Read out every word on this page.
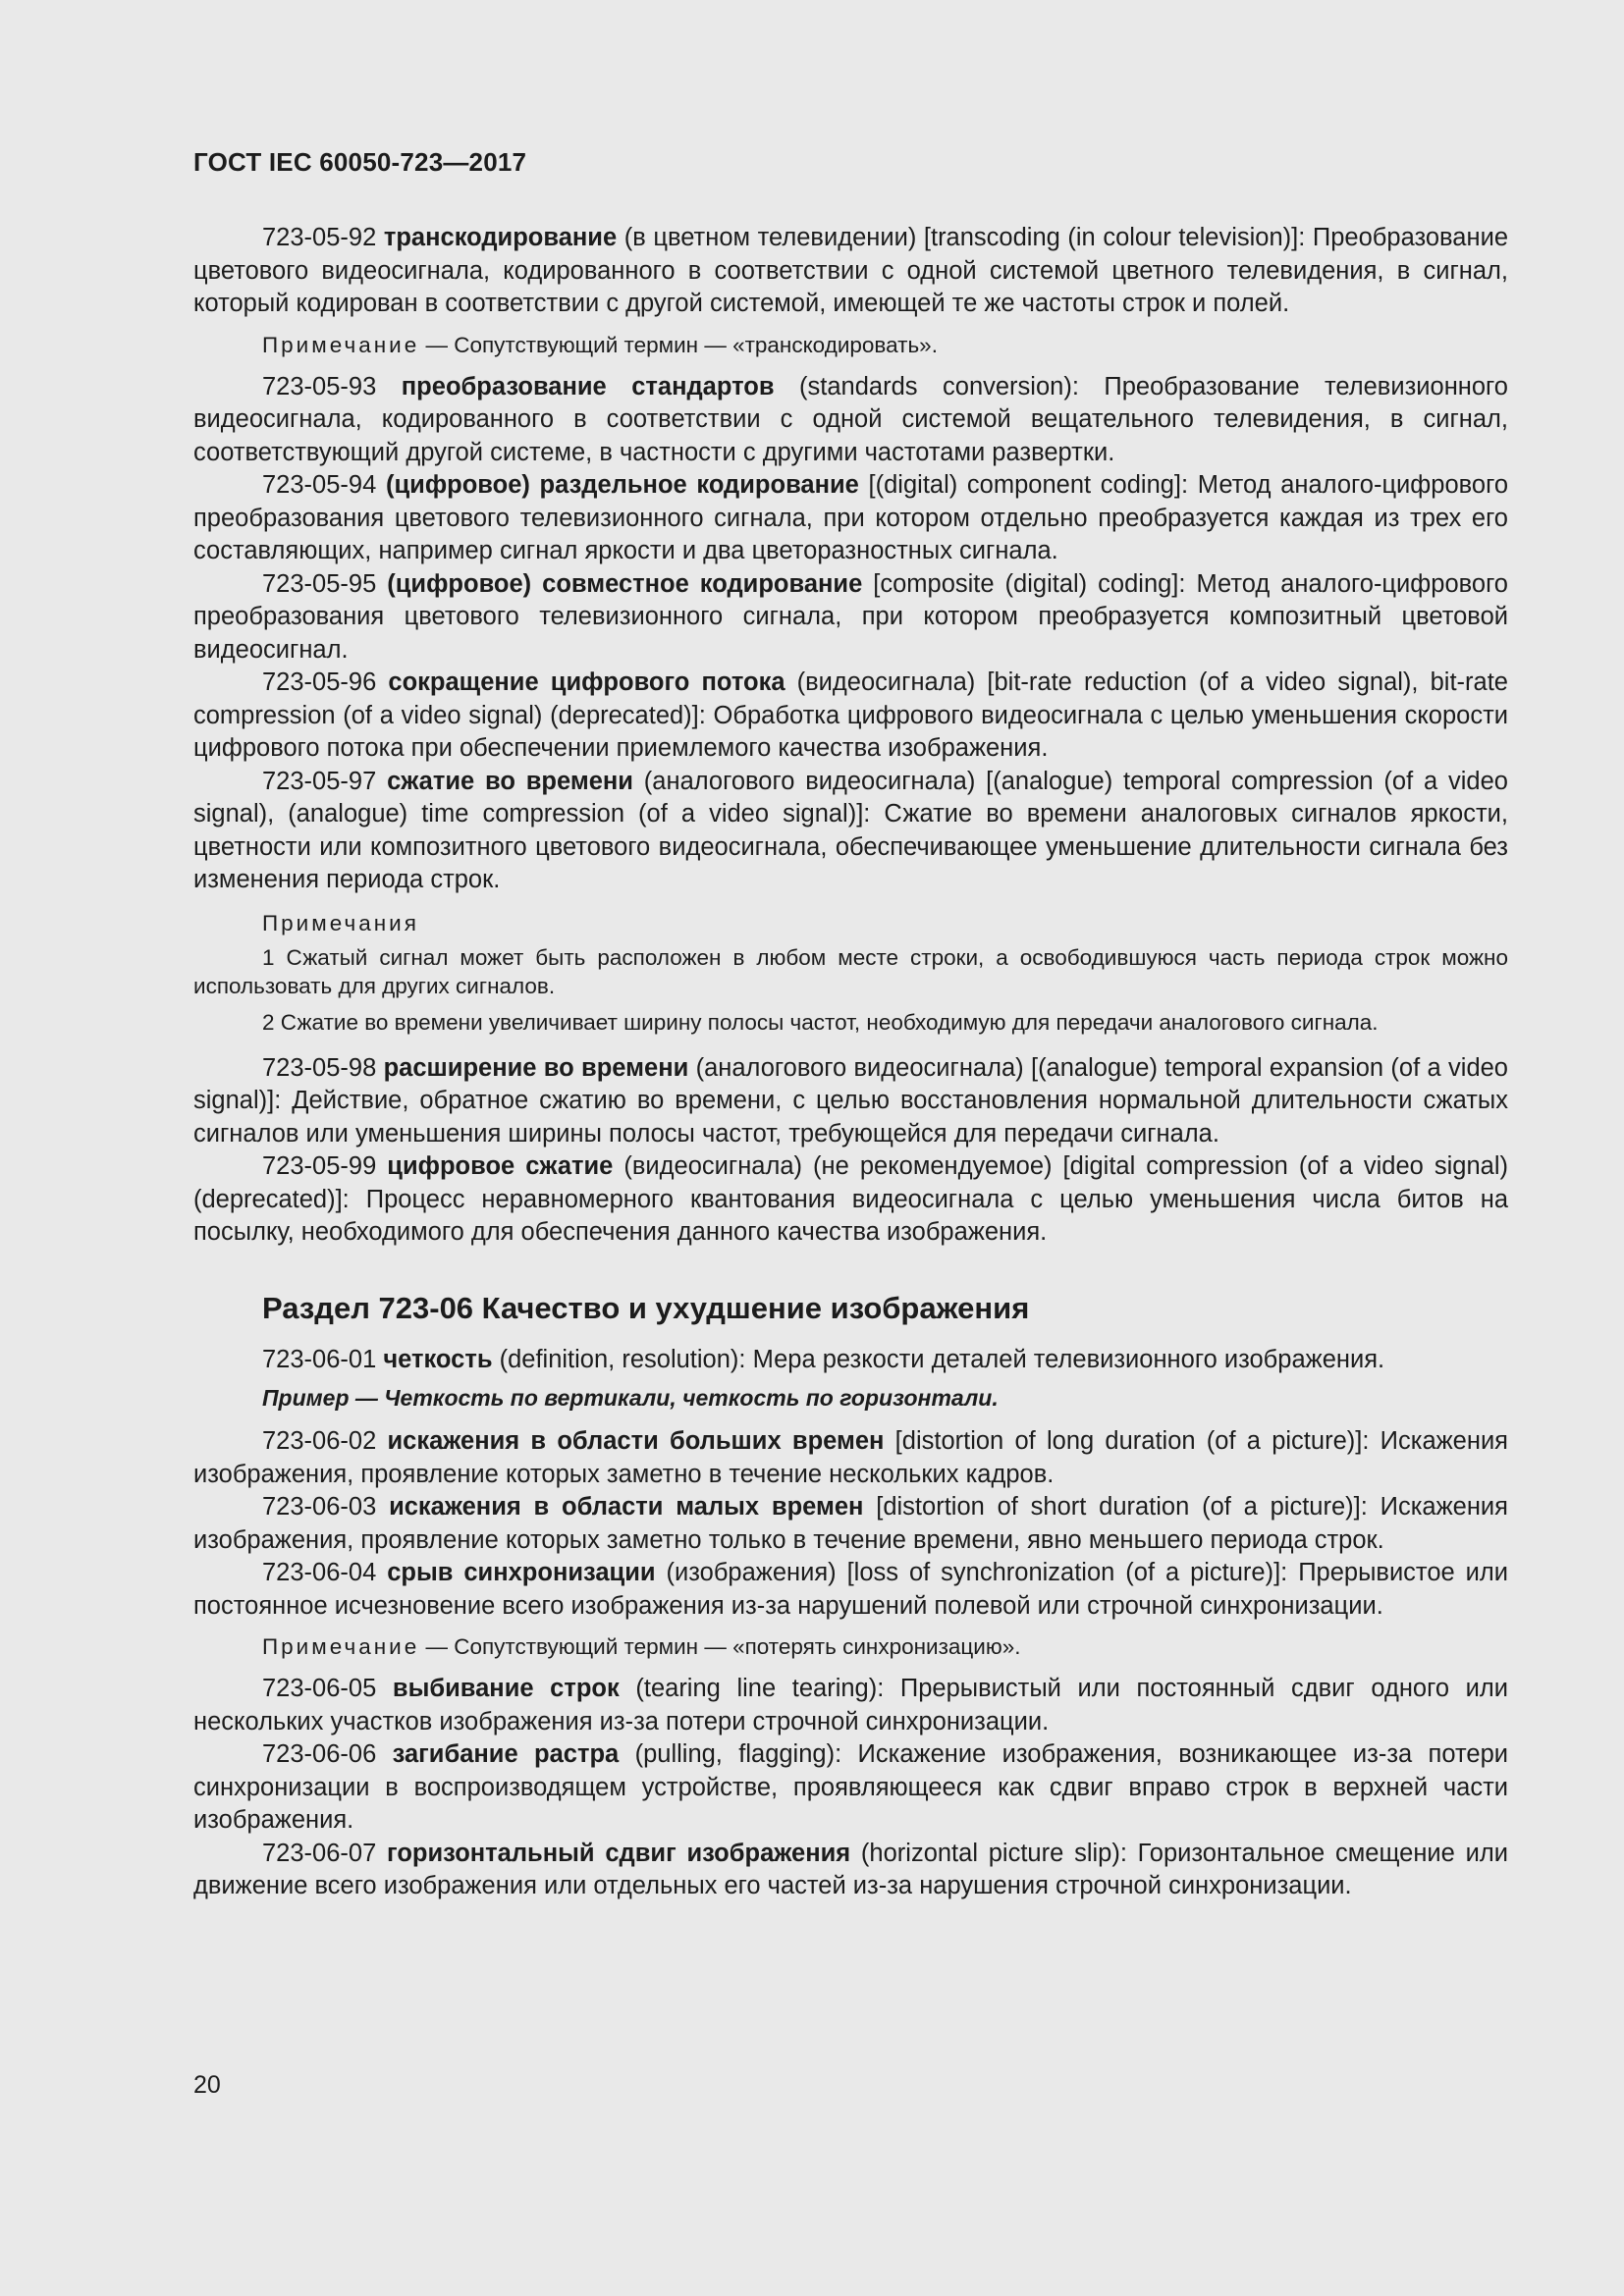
ГОСТ IEC 60050-723—2017

723-05-92 транскодирование (в цветном телевидении) [transcoding (in colour television)]: Преобразование цветового видеосигнала, кодированного в соответствии с одной системой цветного телевидения, в сигнал, который кодирован в соответствии с другой системой, имеющей те же частоты строк и полей.

Примечание — Сопутствующий термин — «транскодировать».

723-05-93 преобразование стандартов (standards conversion): Преобразование телевизионного видеосигнала, кодированного в соответствии с одной системой вещательного телевидения, в сигнал, соответствующий другой системе, в частности с другими частотами развертки.

723-05-94 (цифровое) раздельное кодирование [(digital) component coding]: Метод аналого-цифрового преобразования цветового телевизионного сигнала, при котором отдельно преобразуется каждая из трех его составляющих, например сигнал яркости и два цветоразностных сигнала.

723-05-95 (цифровое) совместное кодирование [composite (digital) coding]: Метод аналого-цифрового преобразования цветового телевизионного сигнала, при котором преобразуется композитный цветовой видеосигнал.

723-05-96 сокращение цифрового потока (видеосигнала) [bit-rate reduction (of a video signal), bit-rate compression (of a video signal) (deprecated)]: Обработка цифрового видеосигнала с целью уменьшения скорости цифрового потока при обеспечении приемлемого качества изображения.

723-05-97 сжатие во времени (аналогового видеосигнала) [(analogue) temporal compression (of a video signal), (analogue) time compression (of a video signal)]: Сжатие во времени аналоговых сигналов яркости, цветности или композитного цветового видеосигнала, обеспечивающее уменьшение длительности сигнала без изменения периода строк.

Примечания

1 Сжатый сигнал может быть расположен в любом месте строки, а освободившуюся часть периода строк можно использовать для других сигналов.

2 Сжатие во времени увеличивает ширину полосы частот, необходимую для передачи аналогового сигнала.

723-05-98 расширение во времени (аналогового видеосигнала) [(analogue) temporal expansion (of a video signal)]: Действие, обратное сжатию во времени, с целью восстановления нормальной длительности сжатых сигналов или уменьшения ширины полосы частот, требующейся для передачи сигнала.

723-05-99 цифровое сжатие (видеосигнала) (не рекомендуемое) [digital compression (of a video signal) (deprecated)]: Процесс неравномерного квантования видеосигнала с целью уменьшения числа битов на посылку, необходимого для обеспечения данного качества изображения.

Раздел 723-06 Качество и ухудшение изображения

723-06-01 четкость (definition, resolution): Мера резкости деталей телевизионного изображения.

Пример — Четкость по вертикали, четкость по горизонтали.

723-06-02 искажения в области больших времен [distortion of long duration (of a picture)]: Искажения изображения, проявление которых заметно в течение нескольких кадров.

723-06-03 искажения в области малых времен [distortion of short duration (of a picture)]: Искажения изображения, проявление которых заметно только в течение времени, явно меньшего периода строк.

723-06-04 срыв синхронизации (изображения) [loss of synchronization (of a picture)]: Прерывистое или постоянное исчезновение всего изображения из-за нарушений полевой или строчной синхронизации.

Примечание — Сопутствующий термин — «потерять синхронизацию».

723-06-05 выбивание строк (tearing line tearing): Прерывистый или постоянный сдвиг одного или нескольких участков изображения из-за потери строчной синхронизации.

723-06-06 загибание растра (pulling, flagging): Искажение изображения, возникающее из-за потери синхронизации в воспроизводящем устройстве, проявляющееся как сдвиг вправо строк в верхней части изображения.

723-06-07 горизонтальный сдвиг изображения (horizontal picture slip): Горизонтальное смещение или движение всего изображения или отдельных его частей из-за нарушения строчной синхронизации.

20
